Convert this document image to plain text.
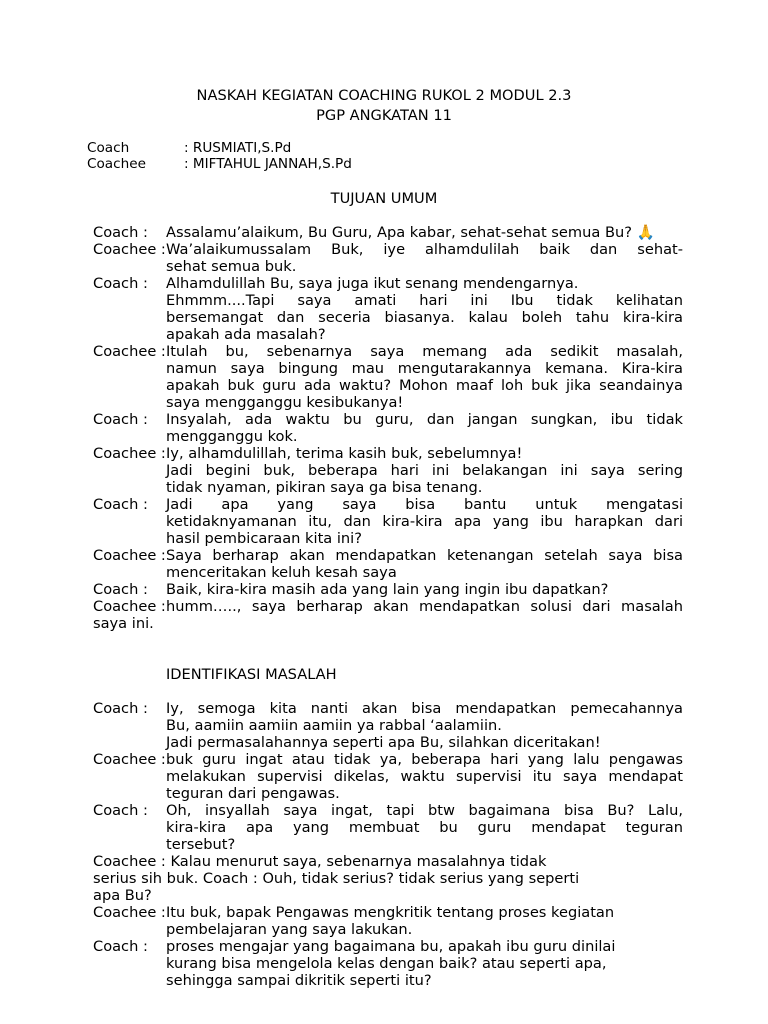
NASKAH KEGIATAN COACHING RUKOL 2 MODUL 2.3
PGP ANGKATAN 11
Coach	: RUSMIATI,S.Pd
Coachee	: MIFTAHUL JANNAH,S.Pd
TUJUAN UMUM
Coach :	Assalamu’alaikum, Bu Guru, Apa kabar, sehat-sehat semua Bu? 🙏
Coachee : Wa’alaikumussalam Buk, iye alhamdulilah baik dan sehat-
sehat semua buk.
Coach :	Alhamdulillah Bu, saya juga ikut senang mendengarnya.
Ehmmm....Tapi saya amati hari ini Ibu tidak kelihatan
bersemangat dan seceria biasanya. kalau boleh tahu kira-kira
apakah ada masalah?
Coachee : Itulah bu, sebenarnya saya memang ada sedikit masalah,
namun saya bingung mau mengutarakannya kemana. Kira-kira
apakah buk guru ada waktu? Mohon maaf loh buk jika seandainya
saya mengganggu kesibukanya!
Coach :	Insyalah, ada waktu bu guru, dan jangan sungkan, ibu tidak
mengganggu kok.
Coachee : Iy, alhamdulillah, terima kasih buk, sebelumnya!
Jadi begini buk, beberapa hari ini belakangan ini saya sering
tidak nyaman, pikiran saya ga bisa tenang.
Coach :	Jadi apa yang saya bisa bantu untuk mengatasi
ketidaknyamanan itu, dan kira-kira apa yang ibu harapkan dari
hasil pembicaraan kita ini?
Coachee : Saya berharap akan mendapatkan ketenangan setelah saya bisa
menceritakan keluh kesah saya
Coach :	Baik, kira-kira masih ada yang lain yang ingin ibu dapatkan?
Coachee : humm….., saya berharap akan mendapatkan solusi dari masalah
saya ini.
IDENTIFIKASI MASALAH
Coach :	Iy, semoga kita nanti akan bisa mendapatkan pemecahannya
Bu, aamiin aamiin aamiin ya rabbal ‘aalamiin.
Jadi permasalahannya seperti apa Bu, silahkan diceritakan!
Coachee : buk guru ingat atau tidak ya, beberapa hari yang lalu pengawas
melakukan supervisi dikelas, waktu supervisi itu saya mendapat
teguran dari pengawas.
Coach :	Oh, insyallah saya ingat, tapi btw bagaimana bisa Bu? Lalu,
kira-kira apa yang membuat bu guru mendapat teguran
tersebut?
Coachee : Kalau menurut saya, sebenarnya masalahnya tidak
serius sih buk. Coach : Ouh, tidak serius? tidak serius yang seperti
apa Bu?
Coachee : Itu buk, bapak Pengawas mengkritik tentang proses kegiatan
pembelajaran yang saya lakukan.
Coach :	proses mengajar yang bagaimana bu, apakah ibu guru dinilai
kurang bisa mengelola kelas dengan baik? atau seperti apa,
sehingga sampai dikritik seperti itu?
